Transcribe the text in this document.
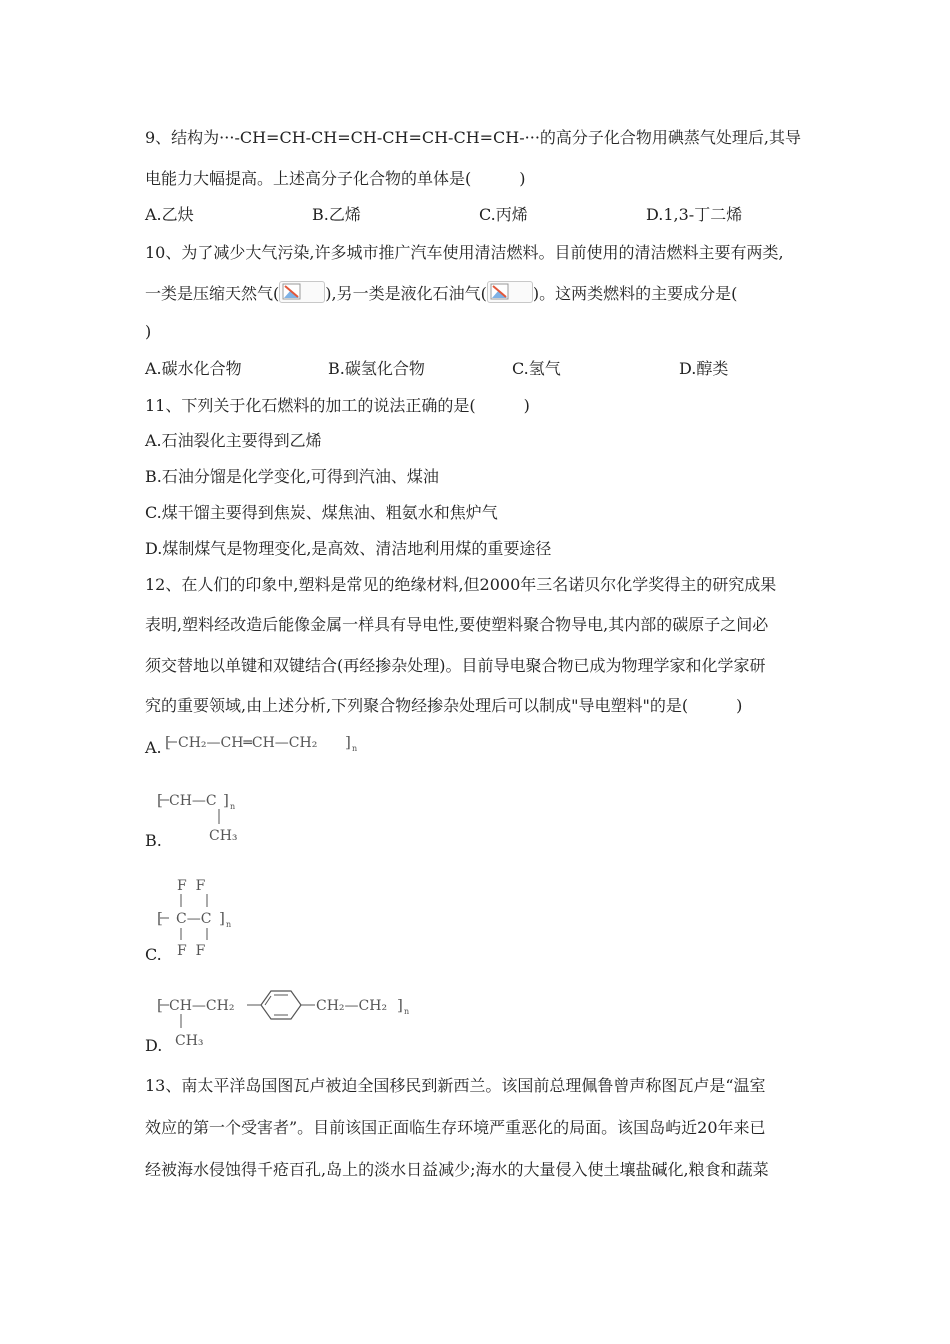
9、结构为···-CH=CH-CH=CH-CH=CH-CH=CH-···的高分子化合物用碘蒸气处理后,其导
电能力大幅提高。上述高分子化合物的单体是(　　　)
A.乙炔	B.乙烯	C.丙烯	D.1,3-丁二烯
10、为了减少大气污染,许多城市推广汽车使用清洁燃料。目前使用的清洁燃料主要有两类,
一类是压缩天然气(	),另一类是液化石油气(	)。这两类燃料的主要成分是(
)
A.碳水化合物	B.碳氢化合物	C.氢气	D.醇类
11、下列关于化石燃料的加工的说法正确的是(　　　)
A.石油裂化主要得到乙烯
B.石油分馏是化学变化,可得到汽油、煤油
C.煤干馏主要得到焦炭、煤焦油、粗氨水和焦炉气
D.煤制煤气是物理变化,是高效、清洁地利用煤的重要途径
12、在人们的印象中,塑料是常见的绝缘材料,但2000年三名诺贝尔化学奖得主的研究成果
表明,塑料经改造后能像金属一样具有导电性,要使塑料聚合物导电,其内部的碳原子之间必
须交替地以单键和双键结合(再经掺杂处理)。目前导电聚合物已成为物理学家和化学家研
究的重要领域,由上述分析,下列聚合物经掺杂处理后可以制成"导电塑料"的是(　　　)
A. [ CH₂—CH═CH—CH₂ ] n
[ CH—C ] n
CH₃
B.
F  F
[ C—C ] n
F  F
C.
[ CH—CH₂	CH₂—CH₂ ] n
CH₃
D.
13、南太平洋岛国图瓦卢被迫全国移民到新西兰。该国前总理佩鲁曾声称图瓦卢是“温室
效应的第一个受害者”。目前该国正面临生存环境严重恶化的局面。该国岛屿近20年来已
经被海水侵蚀得千疮百孔,岛上的淡水日益减少;海水的大量侵入使土壤盐碱化,粮食和蔬菜
